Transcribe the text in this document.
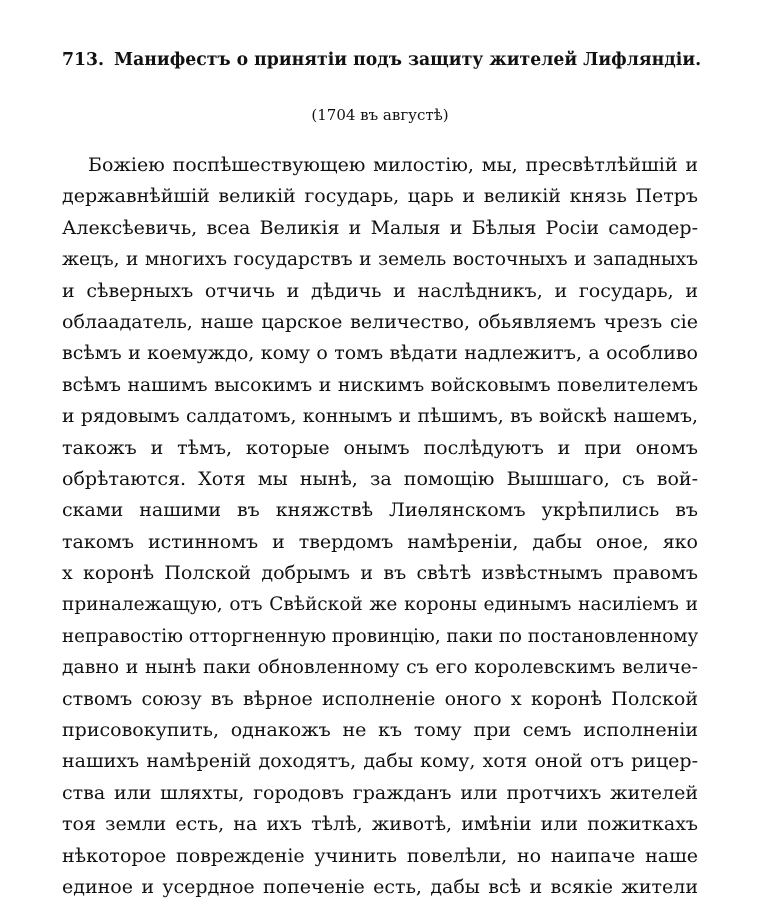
713. Манифестъ о принятіи подъ защиту жителей Лифляндіи.
(1704 въ августѣ)
Божіею поспѣшествующею милостію, мы, пресвѣтлѣйшій и
державнѣйшій великій государь, царь и великій князь Петръ
Алексѣевичь, всеа Великія и Малыя и Бѣлыя Росіи самодер-
жецъ, и многихъ государствъ и земель восточныхъ и западныхъ
и сѣверныхъ отчичь и дѣдичь и наслѣдникъ, и государь, и
облаадатель, наше царское величество, обьявляемъ чрезъ сіе
всѣмъ и коемуждо, кому о томъ вѣдати надлежитъ, а особливо
всѣмъ нашимъ высокимъ и нискимъ войсковымъ повелителемъ
и рядовымъ салдатомъ, коннымъ и пѣшимъ, въ войскѣ нашемъ,
такожъ и тѣмъ, которые онымъ послѣдуютъ и при ономъ
обрѣтаются. Хотя мы нынѣ, за помощію Вышшаго, съ вой-
сками нашими въ княжствѣ Лиѳлянскомъ укрѣпились въ
такомъ истинномъ и твердомъ намѣреніи, дабы оное, яко
х коронѣ Полской добрымъ и въ свѣтѣ извѣстнымъ правомъ
приналежащую, отъ Свѣйской же короны единымъ насиліемъ и
неправостію отторгненную провинцію, паки по постановленному
давно и нынѣ паки обновленному съ его королевскимъ величе-
ствомъ союзу въ вѣрное исполненіе оного х коронѣ Полской
присовокупить, однакожъ не къ тому при семъ исполненіи
нашихъ намѣреній доходятъ, дабы кому, хотя оной отъ рицер-
ства или шляхты, городовъ гражданъ или протчихъ жителей
тоя земли есть, на ихъ тѣлѣ, животѣ, имѣніи или пожиткахъ
нѣкоторое поврежденіе учинить повелѣли, но наипаче наше
единое и усердное попеченіе есть, дабы всѣ и всякіе жители
